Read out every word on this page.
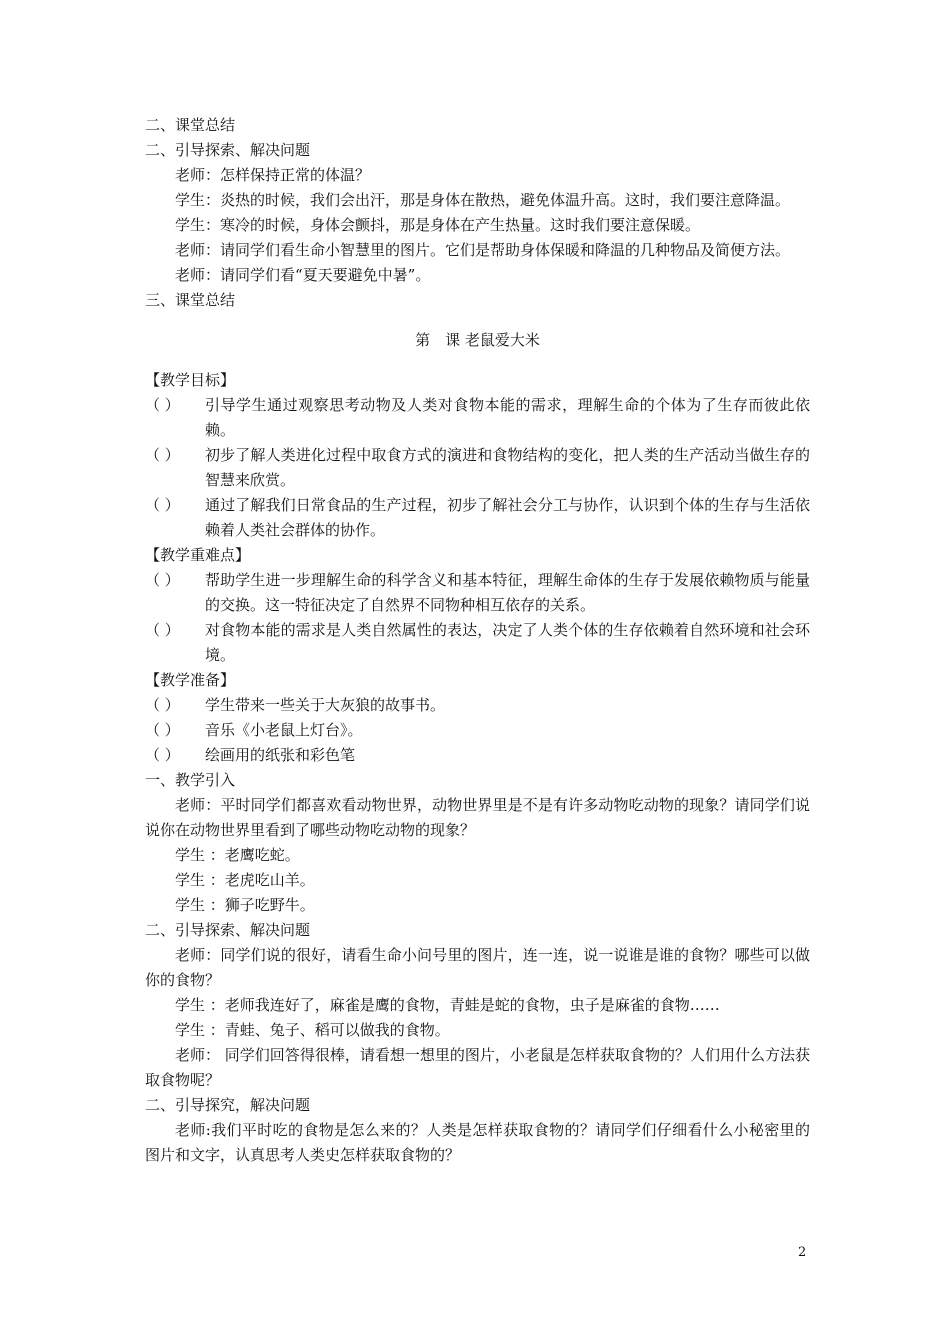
二、课堂总结

二、引导探索、解决问题

老师：怎样保持正常的体温？

学生：炎热的时候，我们会出汗，那是身体在散热，避免体温升高。这时，我们要注意降温。

学生：寒冷的时候，身体会颤抖，那是身体在产生热量。这时我们要注意保暖。

老师：请同学们看生命小智慧里的图片。它们是帮助身体保暖和降温的几种物品及简便方法。

老师：请同学们看“夏天要避免中暑”。

三、课堂总结

第　课 老鼠爱大米

【教学目标】

（ ）	引导学生通过观察思考动物及人类对食物本能的需求，理解生命的个体为了生存而彼此依赖。
（ ）	初步了解人类进化过程中取食方式的演进和食物结构的变化，把人类的生产活动当做生存的智慧来欣赏。
（ ）	通过了解我们日常食品的生产过程，初步了解社会分工与协作，认识到个体的生存与生活依赖着人类社会群体的协作。

【教学重难点】

（ ）	帮助学生进一步理解生命的科学含义和基本特征，理解生命体的生存于发展依赖物质与能量的交换。这一特征决定了自然界不同物种相互依存的关系。
（ ）	对食物本能的需求是人类自然属性的表达，决定了人类个体的生存依赖着自然环境和社会环境。

【教学准备】

（ ）	学生带来一些关于大灰狼的故事书。
（ ）	音乐《小老鼠上灯台》。
（ ）	绘画用的纸张和彩色笔

一、教学引入

老师：平时同学们都喜欢看动物世界，动物世界里是不是有许多动物吃动物的现象？请同学们说说你在动物世界里看到了哪些动物吃动物的现象？

学生 ：老鹰吃蛇。

学生 ：老虎吃山羊。

学生 ：狮子吃野牛。

二、引导探索、解决问题

老师：同学们说的很好，请看生命小问号里的图片，连一连，说一说谁是谁的食物？哪些可以做你的食物？

学生 ：老师我连好了，麻雀是鹰的食物，青蛙是蛇的食物，虫子是麻雀的食物……

学生 ：青蛙、兔子、稻可以做我的食物。

老师： 同学们回答得很棒，请看想一想里的图片，小老鼠是怎样获取食物的？人们用什么方法获取食物呢？

二、引导探究，解决问题

老师:我们平时吃的食物是怎么来的？人类是怎样获取食物的？请同学们仔细看什么小秘密里的图片和文字，认真思考人类史怎样获取食物的？

2
